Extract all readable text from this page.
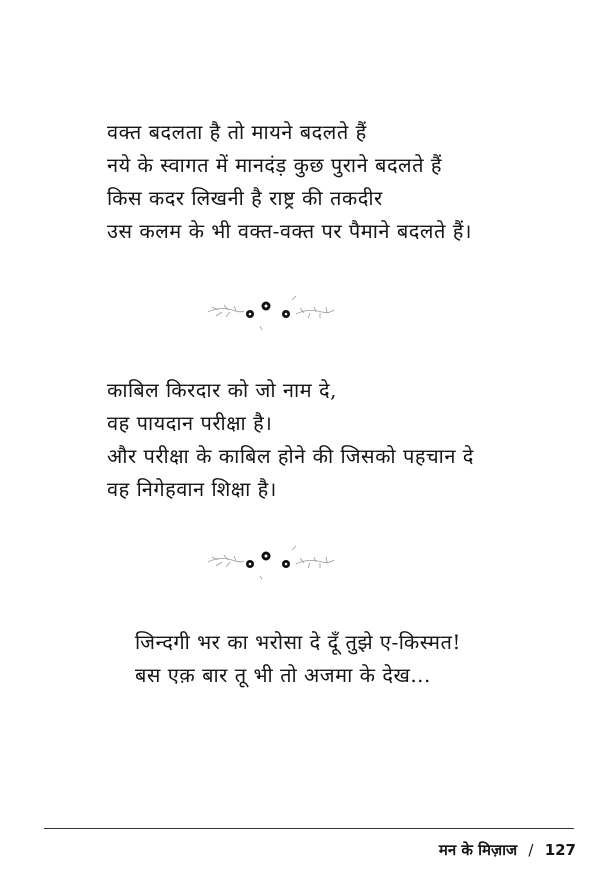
वक्त बदलता है तो मायने बदलते हैं
नये के स्वागत में मानदंड़ कुछ पुराने बदलते हैं
किस कदर लिखनी है राष्ट्र की तकदीर
उस कलम के भी वक्त-वक्त पर पैमाने बदलते हैं।
काबिल किरदार को जो नाम दे,
वह पायदान परीक्षा है।
और परीक्षा के काबिल होने की जिसको पहचान दे
वह निगेहवान शिक्षा है।
जिन्दगी भर का भरोसा दे दूँ तुझे ए-किस्मत!
बस एक़ बार तू भी तो अजमा के देख...
मन के मिज़ाज / 127
